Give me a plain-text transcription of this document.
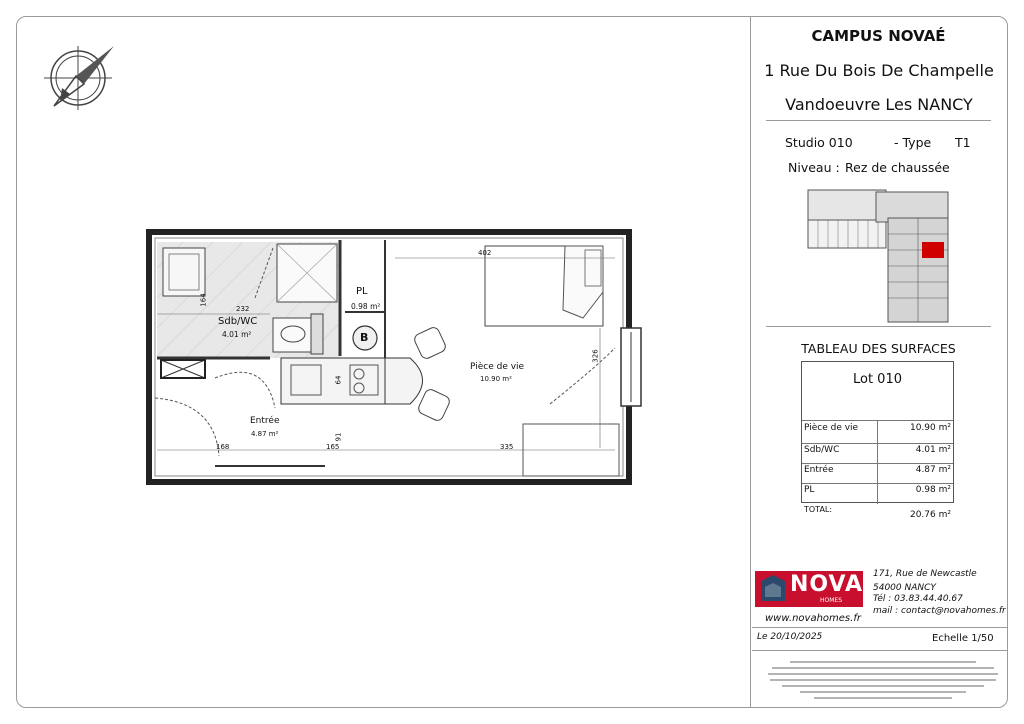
Sdb/WC
4.01 m²
PL
0.98 m²
B
Pièce de vie
10.90 m²
Entrée
4.87 m²
402
232
164
326
64
91
168	165	335
CAMPUS NOVAÉ
1 Rue Du Bois De Champelle
Vandoeuvre Les NANCY
Studio 010	- Type T1
Niveau : Rez de chaussée
TABLEAU DES SURFACES
Lot 010
Pièce de vie	10.90 m²
Sdb/WC	4.01 m²
Entrée	4.87 m²
PL	0.98 m²
TOTAL:
20.76 m²
NOVA
HOMES
www.novahomes.fr
171, Rue de Newcastle
54000 NANCY
Tél : 03.83.44.40.67
mail : contact@novahomes.fr
Le 20/10/2025	Echelle 1/50
